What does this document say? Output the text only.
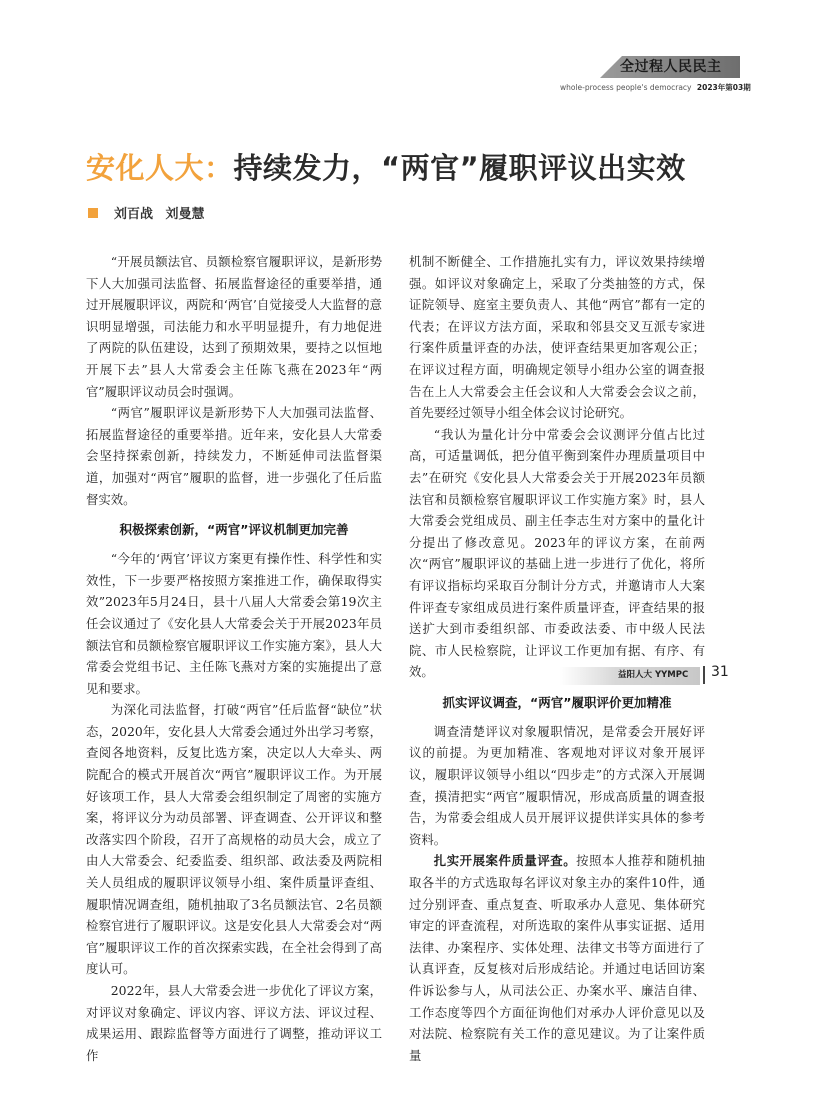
全过程人民民主
whole-process people's democracy 2023年第03期
安化人大：持续发力，“两官”履职评议出实效
刘百战 刘曼慧

“开展员额法官、员额检察官履职评议，是新形势下人大加强司法监督、拓展监督途径的重要举措，通过开展履职评议，两院和‘两官’自觉接受人大监督的意识明显增强，司法能力和水平明显提升，有力地促进了两院的队伍建设，达到了预期效果，要持之以恒地开展下去”县人大常委会主任陈飞燕在2023年“两官”履职评议动员会时强调。

“两官”履职评议是新形势下人大加强司法监督、拓展监督途径的重要举措。近年来，安化县人大常委会坚持探索创新，持续发力，不断延伸司法监督渠道，加强对“两官”履职的监督，进一步强化了任后监督实效。

积极探索创新，“两官”评议机制更加完善

“今年的‘两官’评议方案更有操作性、科学性和实效性，下一步要严格按照方案推进工作，确保取得实效”2023年5月24日，县十八届人大常委会第19次主任会议通过了《安化县人大常委会关于开展2023年员额法官和员额检察官履职评议工作实施方案》，县人大常委会党组书记、主任陈飞燕对方案的实施提出了意见和要求。

为深化司法监督，打破“两官”任后监督“缺位”状态，2020年，安化县人大常委会通过外出学习考察，查阅各地资料，反复比选方案，决定以人大牵头、两院配合的模式开展首次“两官”履职评议工作。为开展好该项工作，县人大常委会组织制定了周密的实施方案，将评议分为动员部署、评查调查、公开评议和整改落实四个阶段，召开了高规格的动员大会，成立了由人大常委会、纪委监委、组织部、政法委及两院相关人员组成的履职评议领导小组、案件质量评查组、履职情况调查组，随机抽取了3名员额法官、2名员额检察官进行了履职评议。这是安化县人大常委会对“两官”履职评议工作的首次探索实践，在全社会得到了高度认可。

2022年，县人大常委会进一步优化了评议方案，对评议对象确定、评议内容、评议方法、评议过程、成果运用、跟踪监督等方面进行了调整，推动评议工作

机制不断健全、工作措施扎实有力，评议效果持续增强。如评议对象确定上，采取了分类抽签的方式，保证院领导、庭室主要负责人、其他“两官”都有一定的代表；在评议方法方面，采取和邻县交叉互派专家进行案件质量评查的办法，使评查结果更加客观公正；在评议过程方面，明确规定领导小组办公室的调查报告在上人大常委会主任会议和人大常委会会议之前，首先要经过领导小组全体会议讨论研究。

“我认为量化计分中常委会会议测评分值占比过高，可适量调低，把分值平衡到案件办理质量项目中去”在研究《安化县人大常委会关于开展2023年员额法官和员额检察官履职评议工作实施方案》时，县人大常委会党组成员、副主任李志生对方案中的量化计分提出了修改意见。2023年的评议方案，在前两次“两官”履职评议的基础上进一步进行了优化，将所有评议指标均采取百分制计分方式，并邀请市人大案件评查专家组成员进行案件质量评查，评查结果的报送扩大到市委组织部、市委政法委、市中级人民法院、市人民检察院，让评议工作更加有据、有序、有效。

抓实评议调查，“两官”履职评价更加精准

调查清楚评议对象履职情况，是常委会开展好评议的前提。为更加精准、客观地对评议对象开展评议，履职评议领导小组以“四步走”的方式深入开展调查，摸清把实“两官”履职情况，形成高质量的调查报告，为常委会组成人员开展评议提供详实具体的参考资料。

扎实开展案件质量评查。按照本人推荐和随机抽取各半的方式选取每名评议对象主办的案件10件，通过分别评查、重点复查、听取承办人意见、集体研究审定的评查流程，对所选取的案件从事实证据、适用法律、办案程序、实体处理、法律文书等方面进行了认真评查，反复核对后形成结论。并通过电话回访案件诉讼参与人，从司法公正、办案水平、廉洁自律、工作态度等四个方面征询他们对承办人评价意见以及对法院、检察院有关工作的意见建议。为了让案件质量

益阳人大 YYMPC 31
